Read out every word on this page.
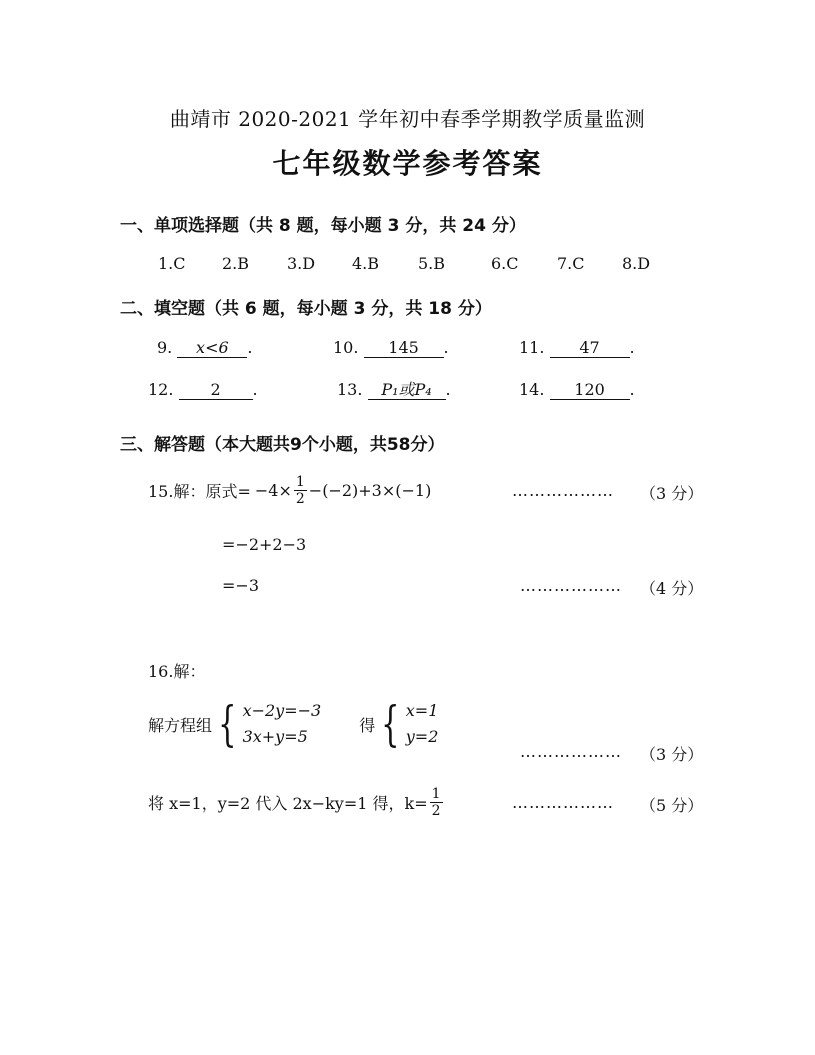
曲靖市 2020-2021 学年初中春季学期教学质量监测
七年级数学参考答案
一、单项选择题（共 8 题，每小题 3 分，共 24 分）
1.C 2.B 3.D 4.B 5.B	6.C 7.C 8.D
二、填空题（共 6 题，每小题 3 分，共 18 分）
9. x<6 .	10. 145 .	11. 47 .
12. 2 .	13. P₁或P₄ .	14. 120 .
三、解答题（本大题共9个小题，共58分）
15.解：原式= $-4\times \frac{1}{2} -(-2)+3\times(-1)$	……………… （3 分）
=−2+2−3
=−3	……………… （4 分）
16.解：
解方程组 { x−2y=−3
3x+y=5
得 { x=1
y=2
……………… （3 分）
将 x=1，y=2 代入 2x−ky=1 得，$k= \frac{1}{2}$	……………… （5 分）
